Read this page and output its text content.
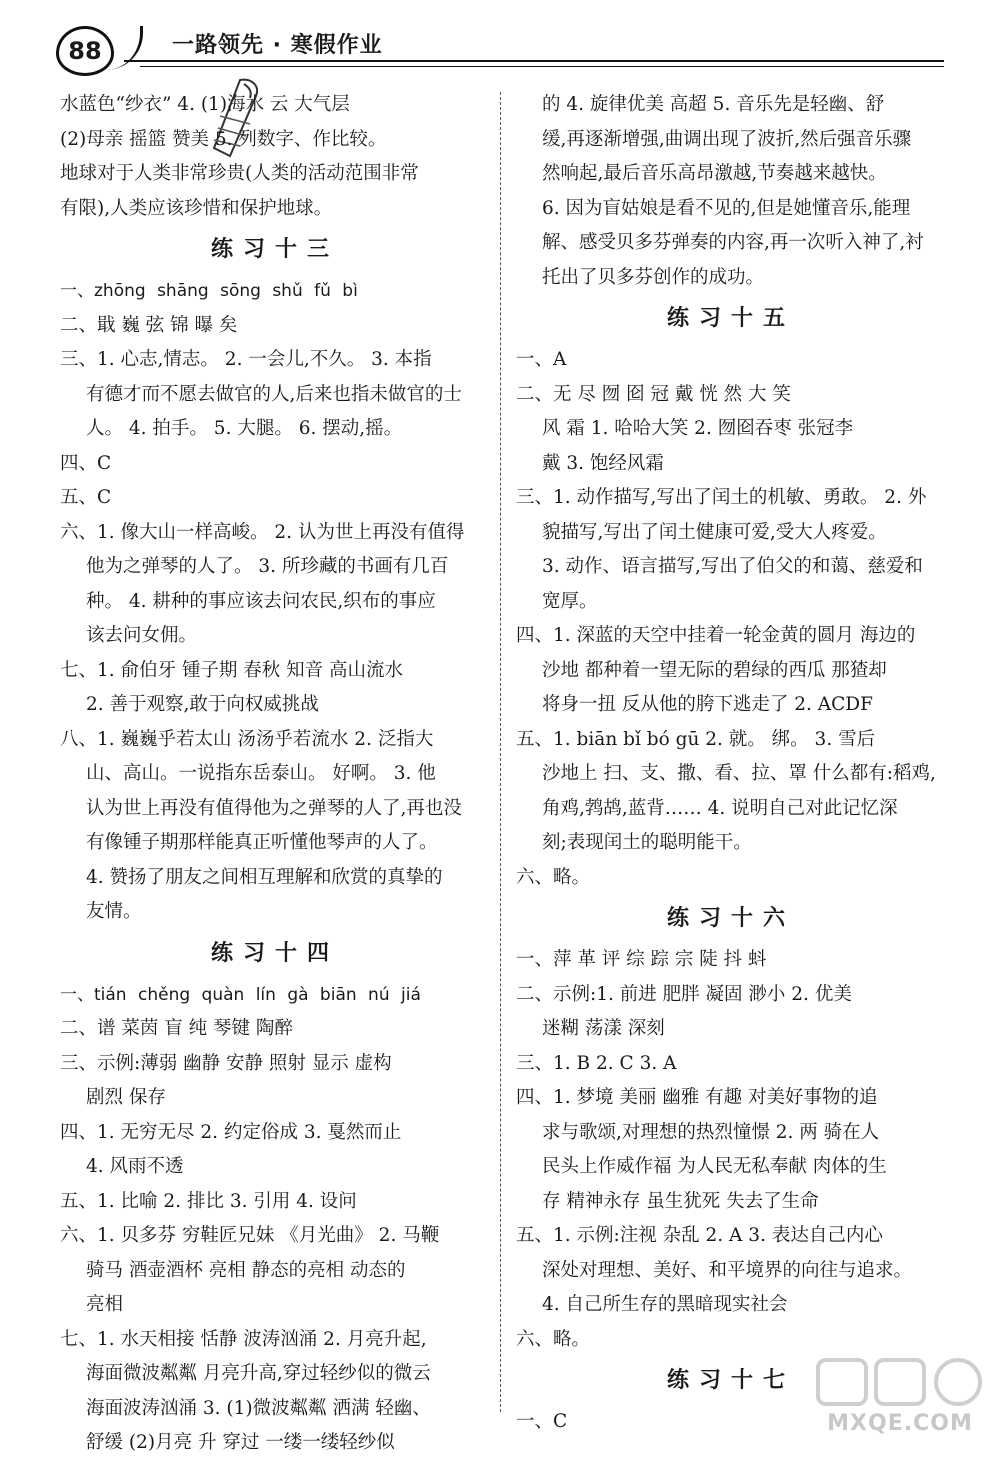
88	一路领先 · 寒假作业
水蓝色“纱衣” 4. (1)海水 云 大气层
(2)母亲 摇篮 赞美 5. 列数字、作比较。
地球对于人类非常珍贵(人类的活动范围非常
有限),人类应该珍惜和保护地球。
练习十三
一、zhōng shāng sōng shǔ fǔ bì
二、戢 巍 弦 锦 曝 矣
三、1. 心志,情志。 2. 一会儿,不久。 3. 本指
有德才而不愿去做官的人,后来也指未做官的士
人。 4. 拍手。 5. 大腿。 6. 摆动,摇。
四、C
五、C
六、1. 像大山一样高峻。 2. 认为世上再没有值得
他为之弹琴的人了。 3. 所珍藏的书画有几百
种。 4. 耕种的事应该去问农民,织布的事应
该去问女佣。
七、1. 俞伯牙 锺子期 春秋 知音 高山流水
2. 善于观察,敢于向权威挑战
八、1. 巍巍乎若太山 汤汤乎若流水 2. 泛指大
山、高山。一说指东岳泰山。 好啊。 3. 他
认为世上再没有值得他为之弹琴的人了,再也没
有像锺子期那样能真正听懂他琴声的人了。
4. 赞扬了朋友之间相互理解和欣赏的真挚的
友情。
练习十四
一、tián chěng quàn lín gà biān nú jiá
二、谱 菜茵 盲 纯 琴键 陶醉
三、示例:薄弱 幽静 安静 照射 显示 虚构
剧烈 保存
四、1. 无穷无尽 2. 约定俗成 3. 戛然而止
4. 风雨不透
五、1. 比喻 2. 排比 3. 引用 4. 设问
六、1. 贝多芬 穷鞋匠兄妹 《月光曲》 2. 马鞭
骑马 酒壶酒杯 亮相 静态的亮相 动态的
亮相
七、1. 水天相接 恬静 波涛汹涌 2. 月亮升起,
海面微波粼粼 月亮升高,穿过轻纱似的微云
海面波涛汹涌 3. (1)微波粼粼 洒满 轻幽、
舒缓 (2)月亮 升 穿过 一缕一缕轻纱似
的 4. 旋律优美 高超 5. 音乐先是轻幽、舒
缓,再逐渐增强,曲调出现了波折,然后强音乐骤
然响起,最后音乐高昂激越,节奏越来越快。
6. 因为盲姑娘是看不见的,但是她懂音乐,能理
解、感受贝多芬弹奏的内容,再一次听入神了,衬
托出了贝多芬创作的成功。
练习十五
一、A
二、无 尽 囫 囵 冠 戴 恍 然 大 笑
风 霜 1. 哈哈大笑 2. 囫囵吞枣 张冠李
戴 3. 饱经风霜
三、1. 动作描写,写出了闰土的机敏、勇敢。 2. 外
貌描写,写出了闰土健康可爱,受大人疼爱。
3. 动作、语言描写,写出了伯父的和蔼、慈爱和
宽厚。
四、1. 深蓝的天空中挂着一轮金黄的圆月 海边的
沙地 都种着一望无际的碧绿的西瓜 那猹却
将身一扭 反从他的胯下逃走了 2. ACDF
五、1. biān bǐ bó gū 2. 就。 绑。 3. 雪后
沙地上 扫、支、撒、看、拉、罩 什么都有:稻鸡,
角鸡,鹁鸪,蓝背…… 4. 说明自己对此记忆深
刻;表现闰土的聪明能干。
六、略。
练习十六
一、萍 革 评 综 踪 宗 陡 抖 蚪
二、示例:1. 前进 肥胖 凝固 渺小 2. 优美
迷糊 荡漾 深刻
三、1. B 2. C 3. A
四、1. 梦境 美丽 幽雅 有趣 对美好事物的追
求与歌颂,对理想的热烈憧憬 2. 两 骑在人
民头上作威作福 为人民无私奉献 肉体的生
存 精神永存 虽生犹死 失去了生命
五、1. 示例:注视 杂乱 2. A 3. 表达自己内心
深处对理想、美好、和平境界的向往与追求。
4. 自己所生存的黑暗现实社会
六、略。
练习十七
一、C	MXQE.COM
